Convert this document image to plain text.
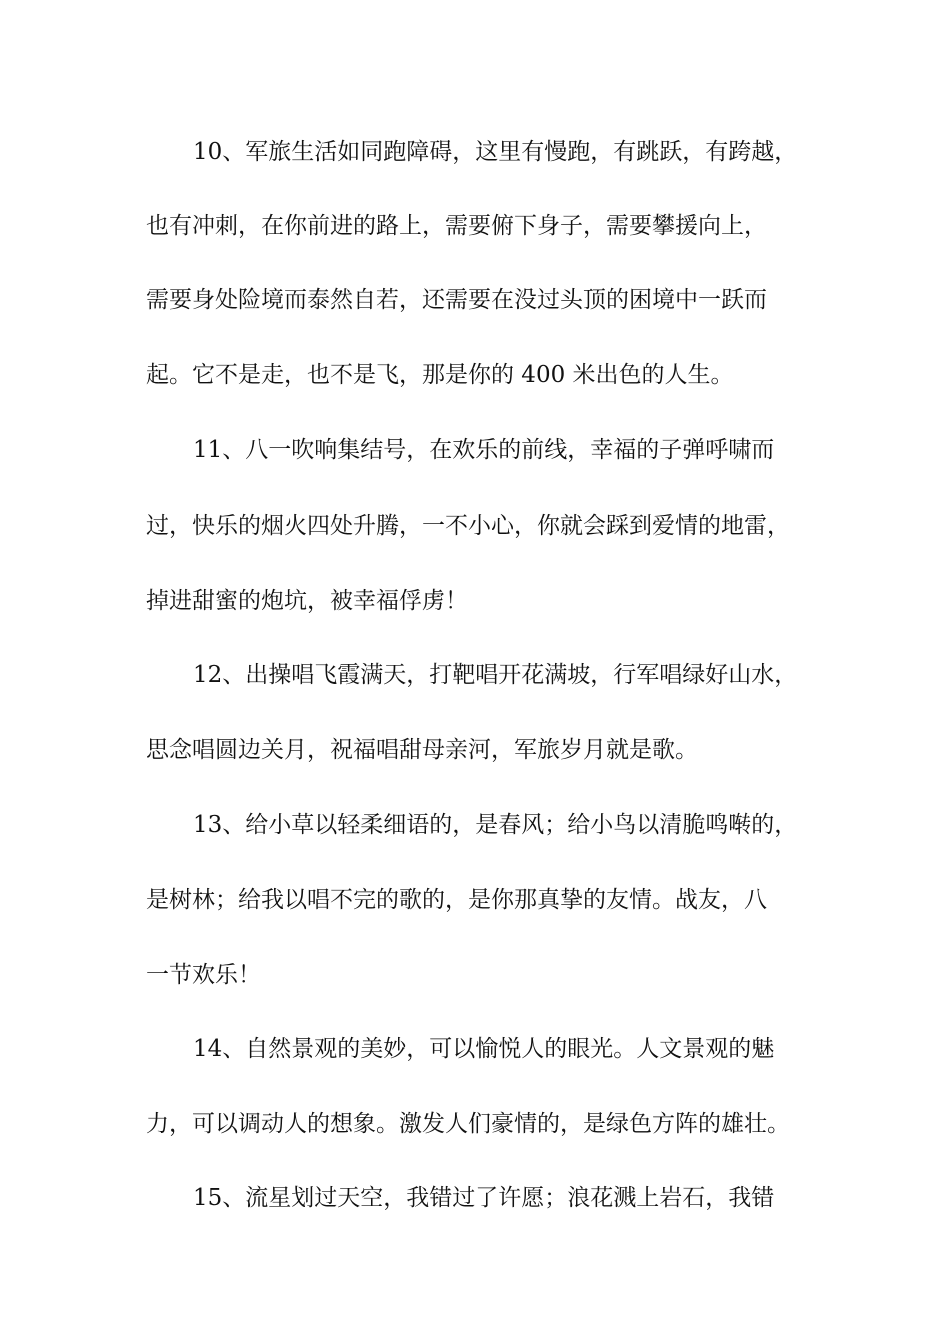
10、军旅生活如同跑障碍，这里有慢跑，有跳跃，有跨越，
也有冲刺，在你前进的路上，需要俯下身子，需要攀援向上，
需要身处险境而泰然自若，还需要在没过头顶的困境中一跃而
起。它不是走，也不是飞，那是你的 400 米出色的人生。
11、八一吹响集结号，在欢乐的前线，幸福的子弹呼啸而
过，快乐的烟火四处升腾，一不小心，你就会踩到爱情的地雷，
掉进甜蜜的炮坑，被幸福俘虏！
12、出操唱飞霞满天，打靶唱开花满坡，行军唱绿好山水，
思念唱圆边关月，祝福唱甜母亲河，军旅岁月就是歌。
13、给小草以轻柔细语的，是春风；给小鸟以清脆鸣啭的，
是树林；给我以唱不完的歌的，是你那真挚的友情。战友，八
一节欢乐！
14、自然景观的美妙，可以愉悦人的眼光。人文景观的魅
力，可以调动人的想象。激发人们豪情的，是绿色方阵的雄壮。
15、流星划过天空，我错过了许愿；浪花溅上岩石，我错
